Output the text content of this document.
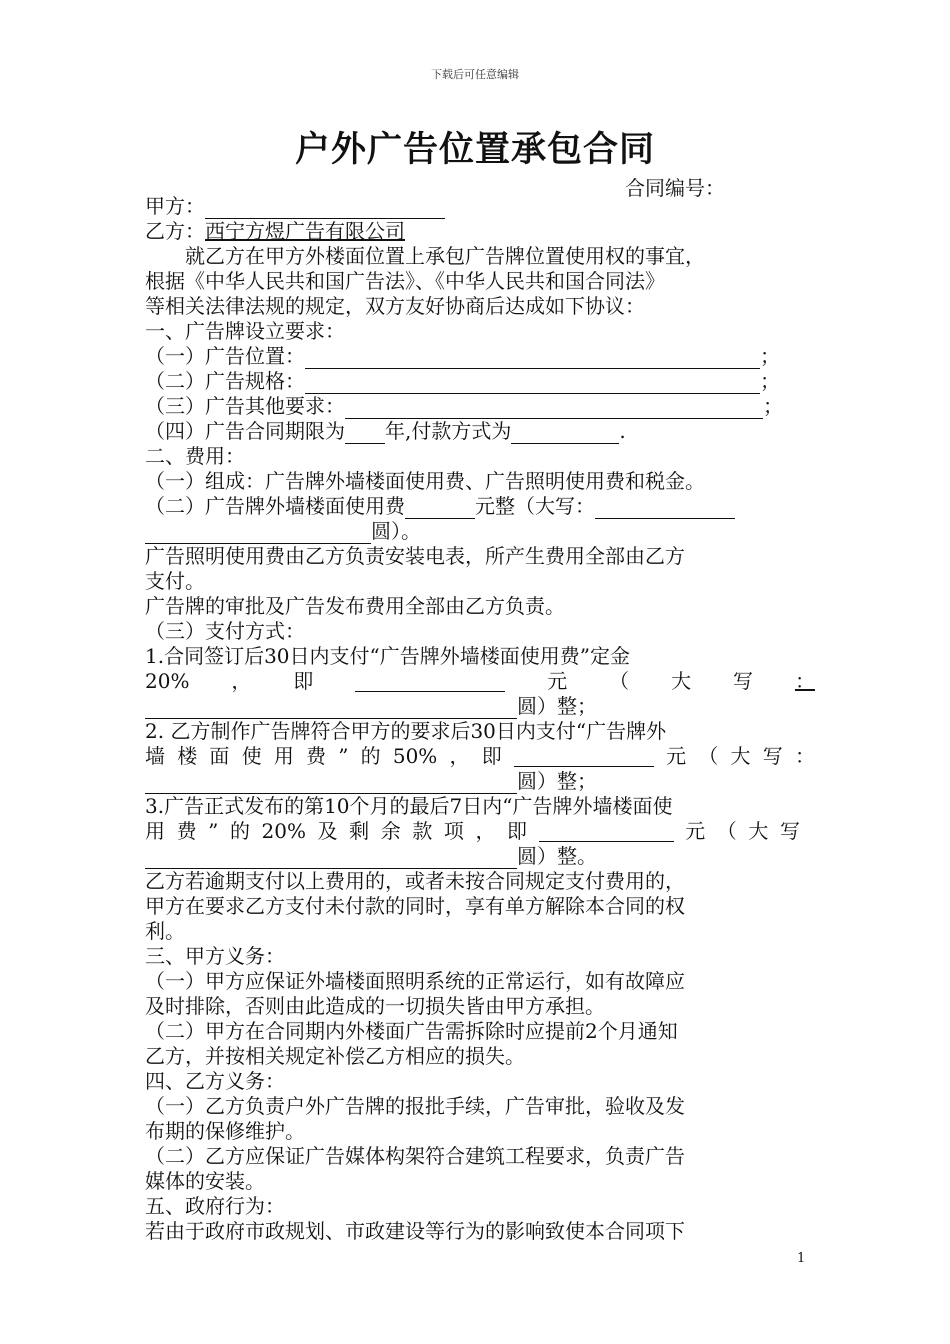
下载后可任意编辑
户外广告位置承包合同
合同编号：

甲方：

乙方：西宁方煜广告有限公司

就乙方在甲方外楼面位置上承包广告牌位置使用权的事宜，

根据《中华人民共和国广告法》、《中华人民共和国合同法》

等相关法律法规的规定，双方友好协商后达成如下协议：

一、广告牌设立要求：

（一）广告位置：	；

（二）广告规格：	；

（三）广告其他要求：	；

（四）广告合同期限为 年,付款方式为	.

二、费用：

（一）组成：广告牌外墙楼面使用费、广告照明使用费和税金。

（二）广告牌外墙楼面使用费	元整（大写：

圆）。

广告照明使用费由乙方负责安装电表，所产生费用全部由乙方

支付。

广告牌的审批及广告发布费用全部由乙方负责。

（三）支付方式：

1.合同签订后30日内支付“广告牌外墙楼面使用费”定金

20% ， 即	元 （ 大 写 ：

圆）整；

2. 乙方制作广告牌符合甲方的要求后30日内支付“广告牌外

墙 楼 面 使 用 费 ” 的 50% ， 即	元 （ 大 写 ：

圆）整；

3.广告正式发布的第10个月的最后7日内“广告牌外墙楼面使

用 费 ” 的 20% 及 剩 余 款 项 ， 即	元 （ 大 写

圆）整。

乙方若逾期支付以上费用的，或者未按合同规定支付费用的，

甲方在要求乙方支付未付款的同时，享有单方解除本合同的权

利。

三、甲方义务：

（一）甲方应保证外墙楼面照明系统的正常运行，如有故障应

及时排除，否则由此造成的一切损失皆由甲方承担。

（二）甲方在合同期内外楼面广告需拆除时应提前2个月通知

乙方，并按相关规定补偿乙方相应的损失。

四、乙方义务：

（一）乙方负责户外广告牌的报批手续，广告审批，验收及发

布期的保修维护。

（二）乙方应保证广告媒体构架符合建筑工程要求，负责广告

媒体的安装。

五、政府行为：

若由于政府市政规划、市政建设等行为的影响致使本合同项下

1
